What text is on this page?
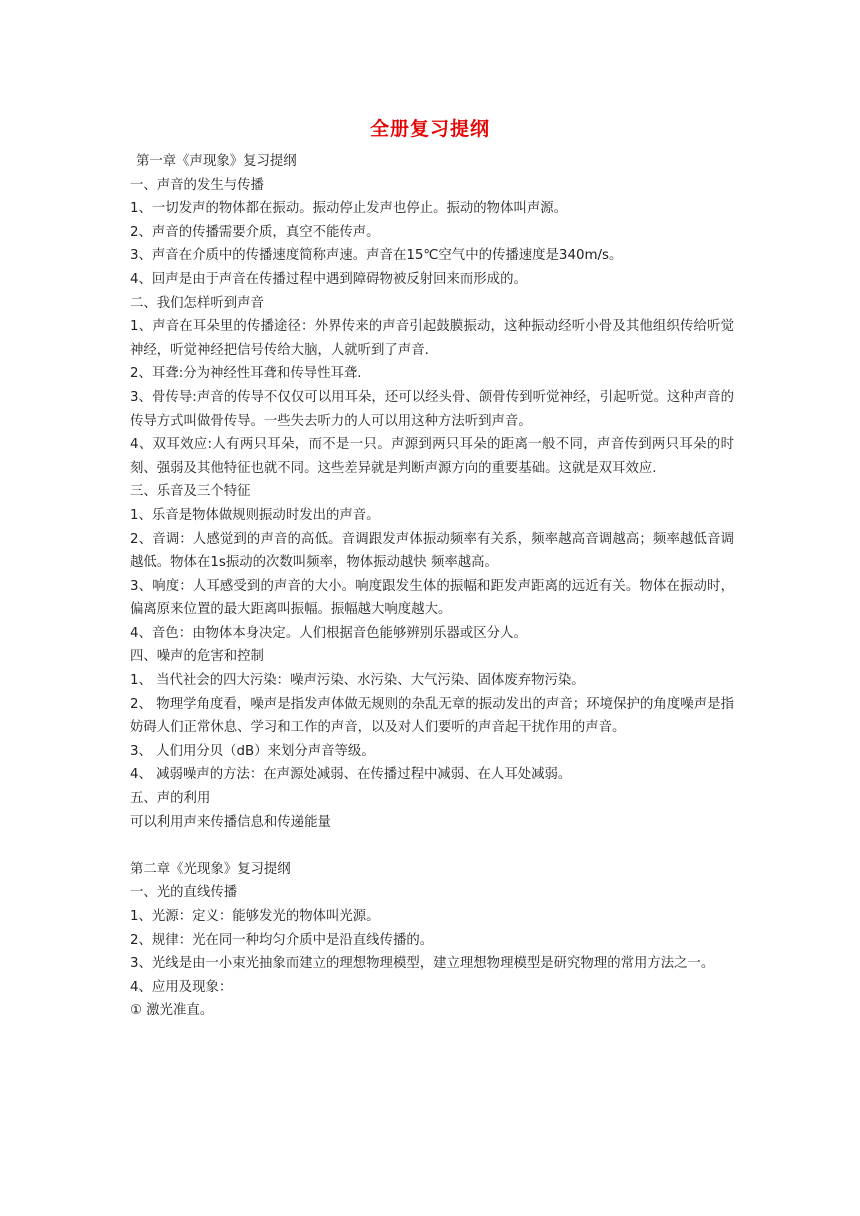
全册复习提纲

第一章《声现象》复习提纲

一、声音的发生与传播

1、一切发声的物体都在振动。振动停止发声也停止。振动的物体叫声源。

2、声音的传播需要介质，真空不能传声。

3、声音在介质中的传播速度简称声速。声音在15℃空气中的传播速度是340m/s。

4、回声是由于声音在传播过程中遇到障碍物被反射回来而形成的。

二、我们怎样听到声音

1、声音在耳朵里的传播途径：外界传来的声音引起鼓膜振动，这种振动经听小骨及其他组织传给听觉神经，听觉神经把信号传给大脑，人就听到了声音.

2、耳聋:分为神经性耳聋和传导性耳聋.

3、骨传导:声音的传导不仅仅可以用耳朵，还可以经头骨、颌骨传到听觉神经，引起听觉。这种声音的传导方式叫做骨传导。一些失去听力的人可以用这种方法听到声音。

4、双耳效应:人有两只耳朵，而不是一只。声源到两只耳朵的距离一般不同，声音传到两只耳朵的时刻、强弱及其他特征也就不同。这些差异就是判断声源方向的重要基础。这就是双耳效应.

三、乐音及三个特征

1、乐音是物体做规则振动时发出的声音。

2、音调：人感觉到的声音的高低。音调跟发声体振动频率有关系，频率越高音调越高；频率越低音调越低。物体在1s振动的次数叫频率，物体振动越快 频率越高。

3、响度：人耳感受到的声音的大小。响度跟发生体的振幅和距发声距离的远近有关。物体在振动时，偏离原来位置的最大距离叫振幅。振幅越大响度越大。

4、音色：由物体本身决定。人们根据音色能够辨别乐器或区分人。

四、噪声的危害和控制

1、 当代社会的四大污染：噪声污染、水污染、大气污染、固体废弃物污染。

2、 物理学角度看，噪声是指发声体做无规则的杂乱无章的振动发出的声音；环境保护的角度噪声是指妨碍人们正常休息、学习和工作的声音，以及对人们要听的声音起干扰作用的声音。

3、 人们用分贝（dB）来划分声音等级。

4、 减弱噪声的方法：在声源处减弱、在传播过程中减弱、在人耳处减弱。

五、声的利用

可以利用声来传播信息和传递能量

第二章《光现象》复习提纲

一、光的直线传播

1、光源：定义：能够发光的物体叫光源。

2、规律：光在同一种均匀介质中是沿直线传播的。

3、光线是由一小束光抽象而建立的理想物理模型，建立理想物理模型是研究物理的常用方法之一。

4、应用及现象：

① 激光准直。
